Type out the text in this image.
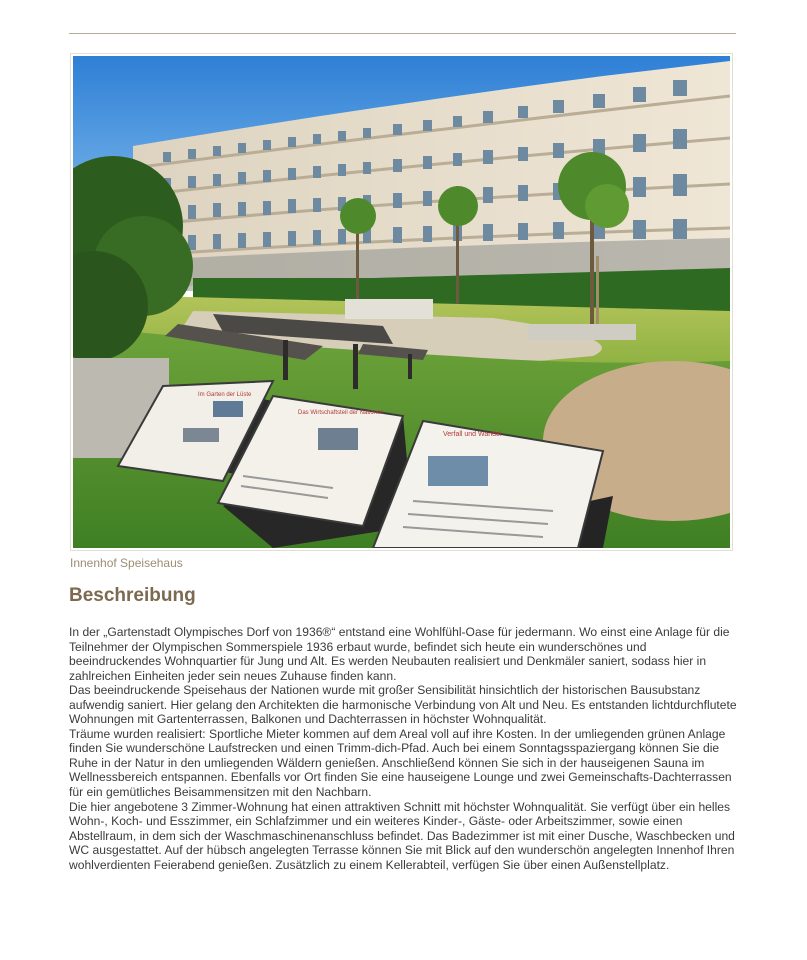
Im Garten der Lüste
Das Wirtschaftsteil der Nationen
Verfall und Wandel
Innenhof Speisehaus
Beschreibung

In der „Gartenstadt Olympisches Dorf von 1936®“ entstand eine Wohlfühl-Oase für jedermann. Wo einst eine Anlage für die Teilnehmer der Olympischen Sommerspiele 1936 erbaut wurde, befindet sich heute ein wunderschönes und beeindruckendes Wohnquartier für Jung und Alt. Es werden Neubauten realisiert und Denkmäler saniert, sodass hier in zahlreichen Einheiten jeder sein neues Zuhause finden kann.

Das beeindruckende Speisehaus der Nationen wurde mit großer Sensibilität hinsichtlich der historischen Bausubstanz aufwendig saniert. Hier gelang den Architekten die harmonische Verbindung von Alt und Neu. Es entstanden lichtdurchflutete Wohnungen mit Gartenterrassen, Balkonen und Dachterrassen in höchster Wohnqualität.

Träume wurden realisiert: Sportliche Mieter kommen auf dem Areal voll auf ihre Kosten. In der umliegenden grünen Anlage finden Sie wunderschöne Laufstrecken und einen Trimm-dich-Pfad. Auch bei einem Sonntagsspaziergang können Sie die Ruhe in der Natur in den umliegenden Wäldern genießen. Anschließend können Sie sich in der hauseigenen Sauna im Wellnessbereich entspannen. Ebenfalls vor Ort finden Sie eine hauseigene Lounge und zwei Gemeinschafts-Dachterrassen für ein gemütliches Beisammensitzen mit den Nachbarn.

Die hier angebotene 3 Zimmer-Wohnung hat einen attraktiven Schnitt mit höchster Wohnqualität. Sie verfügt über ein helles Wohn-, Koch- und Esszimmer, ein Schlafzimmer und ein weiteres Kinder-, Gäste- oder Arbeitszimmer, sowie einen Abstellraum, in dem sich der Waschmaschinenanschluss befindet. Das Badezimmer ist mit einer Dusche, Waschbecken und WC ausgestattet. Auf der hübsch angelegten Terrasse können Sie mit Blick auf den wunderschön angelegten Innenhof Ihren wohlverdienten Feierabend genießen. Zusätzlich zu einem Kellerabteil, verfügen Sie über einen Außenstellplatz.
